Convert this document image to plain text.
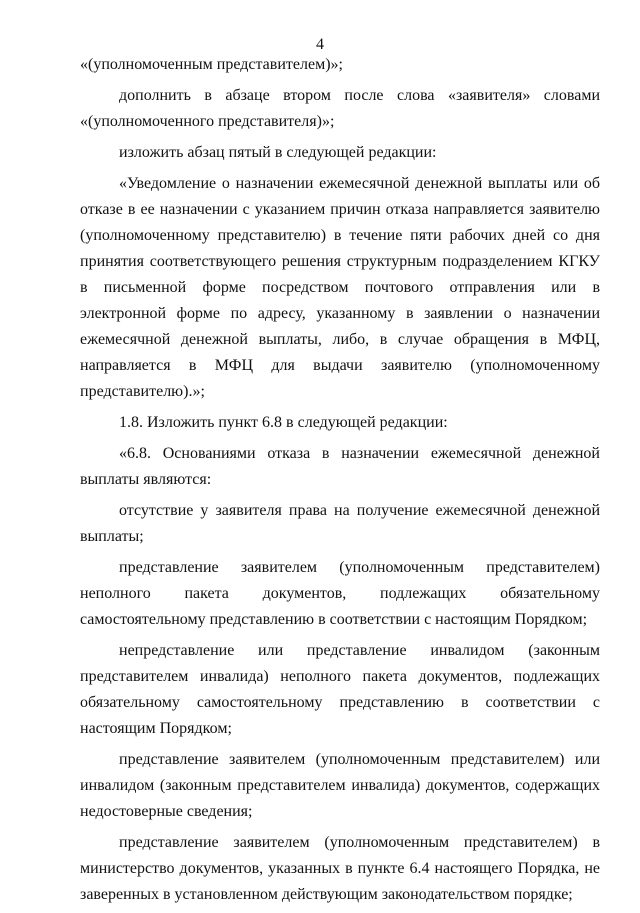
4

«(уполномоченным представителем)»;

дополнить в абзаце втором после слова «заявителя» словами «(уполномоченного представителя)»;

изложить абзац пятый в следующей редакции:

«Уведомление о назначении ежемесячной денежной выплаты или об отказе в ее назначении с указанием причин отказа направляется заявителю (уполномоченному представителю) в течение пяти рабочих дней со дня принятия соответствующего решения структурным подразделением КГКУ в письменной форме посредством почтового отправления или в электронной форме по адресу, указанному в заявлении о назначении ежемесячной денежной выплаты, либо, в случае обращения в МФЦ, направляется в МФЦ для выдачи заявителю (уполномоченному представителю).»;

1.8. Изложить пункт 6.8 в следующей редакции:

«6.8. Основаниями отказа в назначении ежемесячной денежной выплаты являются:

отсутствие у заявителя права на получение ежемесячной денежной выплаты;

представление заявителем (уполномоченным представителем) неполного пакета документов, подлежащих обязательному самостоятельному представлению в соответствии с настоящим Порядком;

непредставление или представление инвалидом (законным представителем инвалида) неполного пакета документов, подлежащих обязательному самостоятельному представлению в соответствии с настоящим Порядком;

представление заявителем (уполномоченным представителем) или инвалидом (законным представителем инвалида) документов, содержащих недостоверные сведения;

представление заявителем (уполномоченным представителем) в министерство документов, указанных в пункте 6.4 настоящего Порядка, не заверенных в установленном действующим законодательством порядке;
